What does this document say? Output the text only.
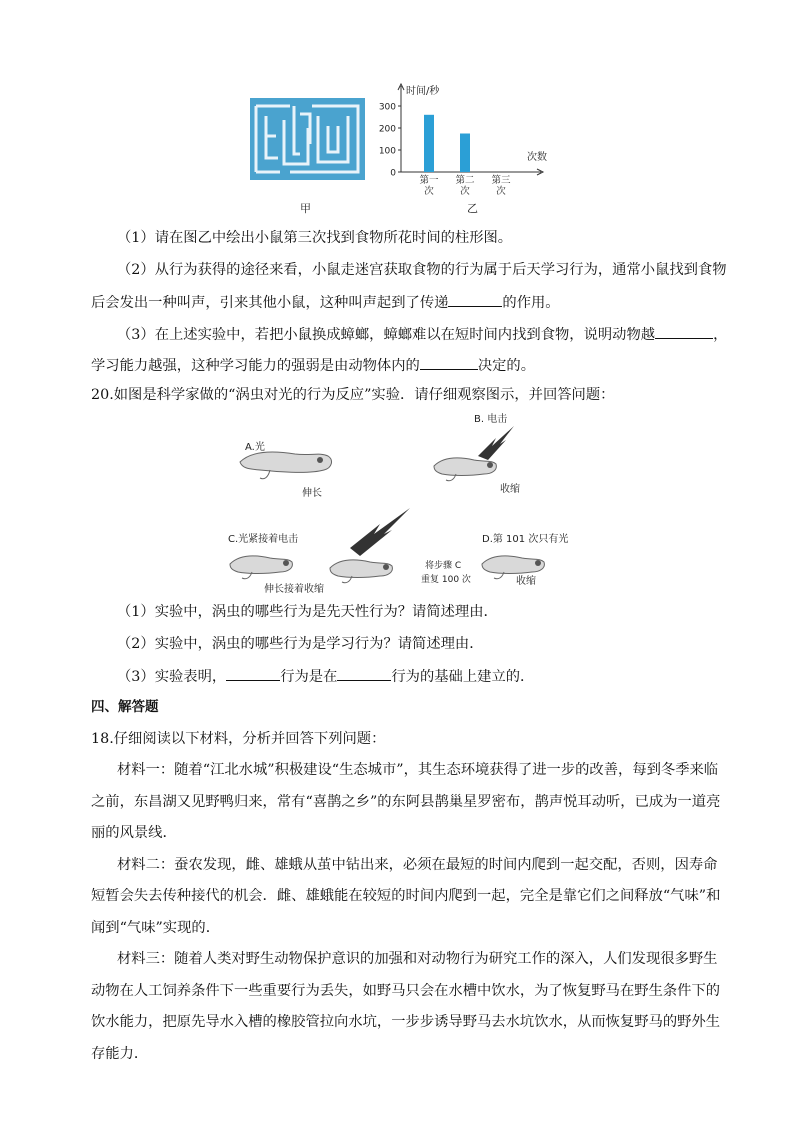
甲
时间/秒
次数
0
100
200
300
第一
次
第二
次
第三
次
乙
（1）请在图乙中绘出小鼠第三次找到食物所花时间的柱形图。
（2）从行为获得的途径来看，小鼠走迷宫获取食物的行为属于后天学习行为，通常小鼠找到食物
后会发出一种叫声，引来其他小鼠，这种叫声起到了传递	的作用。
（3）在上述实验中，若把小鼠换成蟑螂，蟑螂难以在短时间内找到食物，说明动物越	，
学习能力越强，这种学习能力的强弱是由动物体内的	决定的。
20.如图是科学家做的“涡虫对光的行为反应”实验．请仔细观察图示，并回答问题：
A.光
伸长
B. 电击
收缩
C.光紧接着电击
伸长接着收缩
将步骤 C
重复 100 次
D.第 101 次只有光
收缩
（1）实验中，涡虫的哪些行为是先天性行为？请简述理由．
（2）实验中，涡虫的哪些行为是学习行为？请简述理由．
（3）实验表明，	行为是在	行为的基础上建立的．
四、解答题
18.仔细阅读以下材料，分析并回答下列问题：
材料一：随着“江北水城”积极建设“生态城市”，其生态环境获得了进一步的改善，每到冬季来临
之前，东昌湖又见野鸭归来，常有“喜鹊之乡”的东阿县鹊巢星罗密布，鹊声悦耳动听，已成为一道亮
丽的风景线．
材料二：蚕农发现，雌、雄蛾从茧中钻出来，必须在最短的时间内爬到一起交配，否则，因寿命
短暂会失去传种接代的机会．雌、雄蛾能在较短的时间内爬到一起，完全是靠它们之间释放“气味”和
闻到“气味”实现的．
材料三：随着人类对野生动物保护意识的加强和对动物行为研究工作的深入，人们发现很多野生
动物在人工饲养条件下一些重要行为丢失，如野马只会在水槽中饮水，为了恢复野马在野生条件下的
饮水能力，把原先导水入槽的橡胶管拉向水坑，一步步诱导野马去水坑饮水，从而恢复野马的野外生
存能力．
